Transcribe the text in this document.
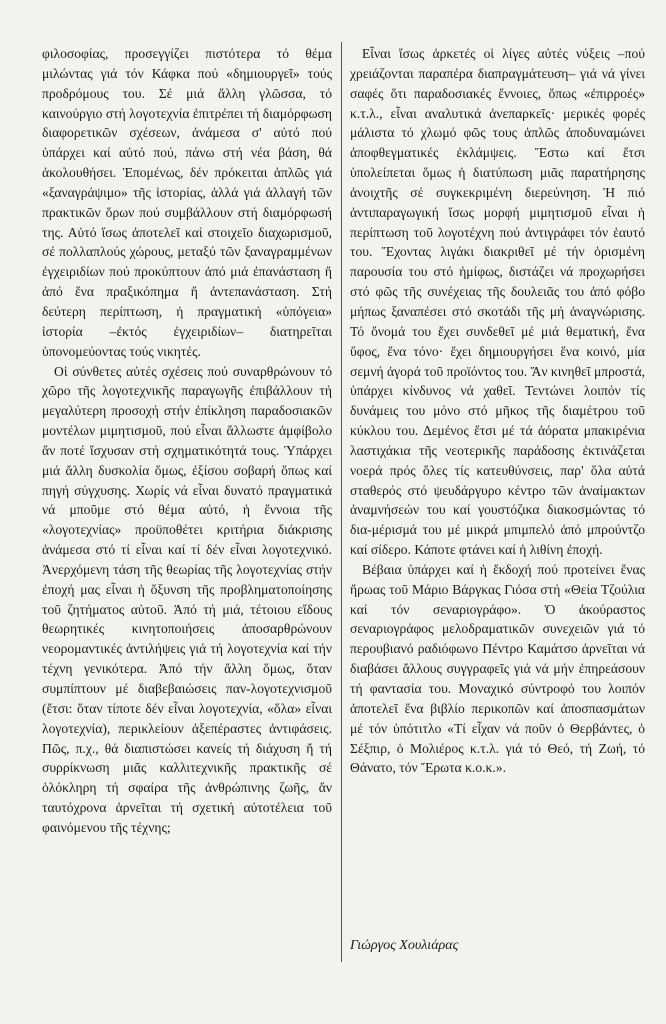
φιλοσοφίας, προσεγγίζει πιστότερα τό θέμα μιλώντας γιά τόν Κάφκα πού «δημιουργεῖ» τούς προδρόμους του. Σέ μιά ἄλλη γλῶσσα, τό καινούργιο στή λογοτεχνία ἐπιτρέπει τή διαμόρφωση διαφορετικῶν σχέσεων, ἀνάμεσα σ' αὐτό πού ὑπάρχει καί αὐτό πού, πάνω στή νέα βάση, θά ἀκολουθήσει. Ἑπομένως, δέν πρόκειται ἁπλῶς γιά «ξαναγράψιμο» τῆς ἱστορίας, ἀλλά γιά ἀλλαγή τῶν πρακτικῶν ὅρων πού συμβάλλουν στή διαμόρφωσή της. Αὐτό ἴσως ἀποτελεῖ καί στοιχεῖο διαχωρισμοῦ, σέ πολλαπλούς χώρους, μεταξύ τῶν ξαναγραμμένων ἐγχειριδίων πού προκύπτουν ἀπό μιά ἐπανάσταση ἤ ἀπό ἕνα πραξικόπημα ἤ ἀντεπανάσταση. Στή δεύτερη περίπτωση, ἡ πραγματική «ὑπόγεια» ἱστορία –ἐκτός ἐγχειριδίων– διατηρεῖται ὑπονομεύοντας τούς νικητές.

Οἱ σύνθετες αὐτές σχέσεις πού συναρθρώνουν τό χῶρο τῆς λογοτεχνικῆς παραγωγῆς ἐπιβάλλουν τή μεγαλύτερη προσοχή στήν ἐπίκληση παραδοσιακῶν μοντέλων μιμητισμοῦ, πού εἶναι ἄλλωστε ἀμφίβολο ἄν ποτέ ἴσχυσαν στή σχηματικότητά τους. Ὑπάρχει μιά ἄλλη δυσκολία ὅμως, ἐξίσου σοβαρή ὅπως καί πηγή σύγχυσης. Χωρίς νά εἶναι δυνατό πραγματικά νά μποῦμε στό θέμα αὐτό, ἡ ἔννοια τῆς «λογοτεχνίας» προϋποθέτει κριτήρια διάκρισης ἀνάμεσα στό τί εἶναι καί τί δέν εἶναι λογοτεχνικό. Ἀνερχόμενη τάση τῆς θεωρίας τῆς λογοτεχνίας στήν ἐποχή μας εἶναι ἡ ὄξυνση τῆς προβληματοποίησης τοῦ ζητήματος αὐτοῦ. Ἀπό τή μιά, τέτοιου εἴδους θεωρητικές κινητοποιήσεις ἀποσαρθρώνουν νεορομαντικές ἀντιλήψεις γιά τή λογοτεχνία καί τήν τέχνη γενικότερα. Ἀπό τήν ἄλλη ὅμως, ὅταν συμπίπτουν μέ διαβεβαιώσεις παν-λογοτεχνισμοῦ (ἔτσι: ὅταν τίποτε δέν εἶναι λογοτεχνία, «ὅλα» εἶναι λογοτεχνία), περικλείουν ἀξεπέραστες ἀντιφάσεις. Πῶς, π.χ., θά διαπιστώσει κανείς τή διάχυση ἤ τή συρρίκνωση μιᾶς καλλιτεχνικῆς πρακτικῆς σέ ὁλόκληρη τή σφαίρα τῆς ἀνθρώπινης ζωῆς, ἄν ταυτόχρονα ἀρνεῖται τή σχετική αὐτοτέλεια τοῦ φαινόμενου τῆς τέχνης;

Εἶναι ἴσως ἀρκετές οἱ λίγες αὐτές νύξεις –πού χρειάζονται παραπέρα διαπραγμάτευση– γιά νά γίνει σαφές ὅτι παραδοσιακές ἔννοιες, ὅπως «ἐπιρροές» κ.τ.λ., εἶναι αναλυτικά ἀνεπαρκεῖς· μερικές φορές μάλιστα τό χλωμό φῶς τους ἁπλῶς ἀποδυναμώνει ἀποφθεγματικές ἐκλάμψεις. Ἔστω καί ἔτσι ὑπολείπεται ὅμως ἡ διατύπωση μιᾶς παρατήρησης ἀνοιχτῆς σέ συγκεκριμένη διερεύνηση. Ἡ πιό ἀντιπαραγωγική ἴσως μορφή μιμητισμοῦ εἶναι ἡ περίπτωση τοῦ λογοτέχνη πού ἀντιγράφει τόν ἑαυτό του. Ἔχοντας λιγάκι διακριθεῖ μέ τήν ὁρισμένη παρουσία του στό ἡμίφως, διστάζει νά προχωρήσει στό φῶς τῆς συνέχειας τῆς δουλειᾶς του ἀπό φόβο μήπως ξαναπέσει στό σκοτάδι τῆς μή ἀναγνώρισης. Τό ὄνομά του ἔχει συνδεθεῖ μέ μιά θεματική, ἕνα ὕφος, ἕνα τόνο· ἔχει δημιουργήσει ἕνα κοινό, μία σεμνή ἀγορά τοῦ προϊόντος του. Ἄν κινηθεῖ μπροστά, ὑπάρχει κίνδυνος νά χαθεῖ. Τεντώνει λοιπόν τίς δυνάμεις του μόνο στό μῆκος τῆς διαμέτρου τοῦ κύκλου του. Δεμένος ἔτσι μέ τά ἀόρατα μπακιρένια λαστιχάκια τῆς νεοτερικῆς παράδοσης ἐκτινάζεται νοερά πρός ὅλες τίς κατευθύνσεις, παρ' ὅλα αὐτά σταθερός στό ψευδάργυρο κέντρο τῶν ἀναίμακτων ἀναμνήσεών του καί γουστόζικα διακοσμώντας τό δια-μέρισμά του μέ μικρά μπιμπελό ἀπό μπρούντζο καί σίδερο. Κάποτε φτάνει καί ἡ λιθίνη ἐποχή.

Βέβαια ὑπάρχει καί ἡ ἔκδοχή πού προτείνει ἕνας ἥρωας τοῦ Μάριο Βάργκας Γιόσα στή «Θεία Τζούλια καί τόν σεναριογράφο». Ὁ ἀκούραστος σεναριογράφος μελοδραματικῶν συνεχειῶν γιά τό περουβιανό ραδιόφωνο Πέντρο Καμάτσο ἀρνεῖται νά διαβάσει ἄλλους συγγραφεῖς γιά νά μήν ἐπηρεάσουν τή φαντασία του. Μοναχικό σύντροφό του λοιπόν ἀποτελεῖ ἕνα βιβλίο περικοπῶν καί ἀποσπασμάτων μέ τόν ὑπότιτλο «Τί εἶχαν νά ποῦν ὁ Θερβάντες, ὁ Σέξπιρ, ὁ Μολιέρος κ.τ.λ. γιά τό Θεό, τή Ζωή, τό Θάνατο, τόν Ἔρωτα κ.ο.κ.».

Γιώργος Χουλιάρας
